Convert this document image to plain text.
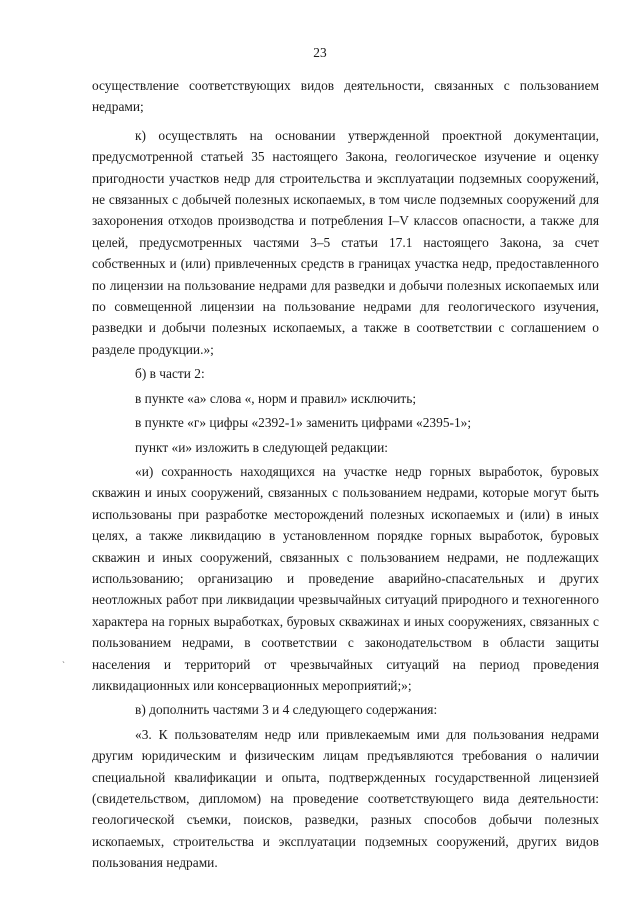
23

осуществление соответствующих видов деятельности, связанных с пользованием недрами;

к) осуществлять на основании утвержденной проектной документации, предусмотренной статьей 35 настоящего Закона, геологическое изучение и оценку пригодности участков недр для строительства и эксплуатации подземных сооружений, не связанных с добычей полезных ископаемых, в том числе подземных сооружений для захоронения отходов производства и потребления I–V классов опасности, а также для целей, предусмотренных частями 3–5 статьи 17.1 настоящего Закона, за счет собственных и (или) привлеченных средств в границах участка недр, предоставленного по лицензии на пользование недрами для разведки и добычи полезных ископаемых или по совмещенной лицензии на пользование недрами для геологического изучения, разведки и добычи полезных ископаемых, а также в соответствии с соглашением о разделе продукции.»;

б) в части 2:

в пункте «а» слова «, норм и правил» исключить;

в пункте «г» цифры «2392-1» заменить цифрами «2395-1»;

пункт «и» изложить в следующей редакции:

«и) сохранность находящихся на участке недр горных выработок, буровых скважин и иных сооружений, связанных с пользованием недрами, которые могут быть использованы при разработке месторождений полезных ископаемых и (или) в иных целях, а также ликвидацию в установленном порядке горных выработок, буровых скважин и иных сооружений, связанных с пользованием недрами, не подлежащих использованию; организацию и проведение аварийно-спасательных и других неотложных работ при ликвидации чрезвычайных ситуаций природного и техногенного характера на горных выработках, буровых скважинах и иных сооружениях, связанных с пользованием недрами, в соответствии с законодательством в области защиты населения и территорий от чрезвычайных ситуаций на период проведения ликвидационных или консервационных мероприятий;»;

в) дополнить частями 3 и 4 следующего содержания:

«3. К пользователям недр или привлекаемым ими для пользования недрами другим юридическим и физическим лицам предъявляются требования о наличии специальной квалификации и опыта, подтвержденных государственной лицензией (свидетельством, дипломом) на проведение соответствующего вида деятельности: геологической съемки, поисков, разведки, разных способов добычи полезных ископаемых, строительства и эксплуатации подземных сооружений, других видов пользования недрами.

`
